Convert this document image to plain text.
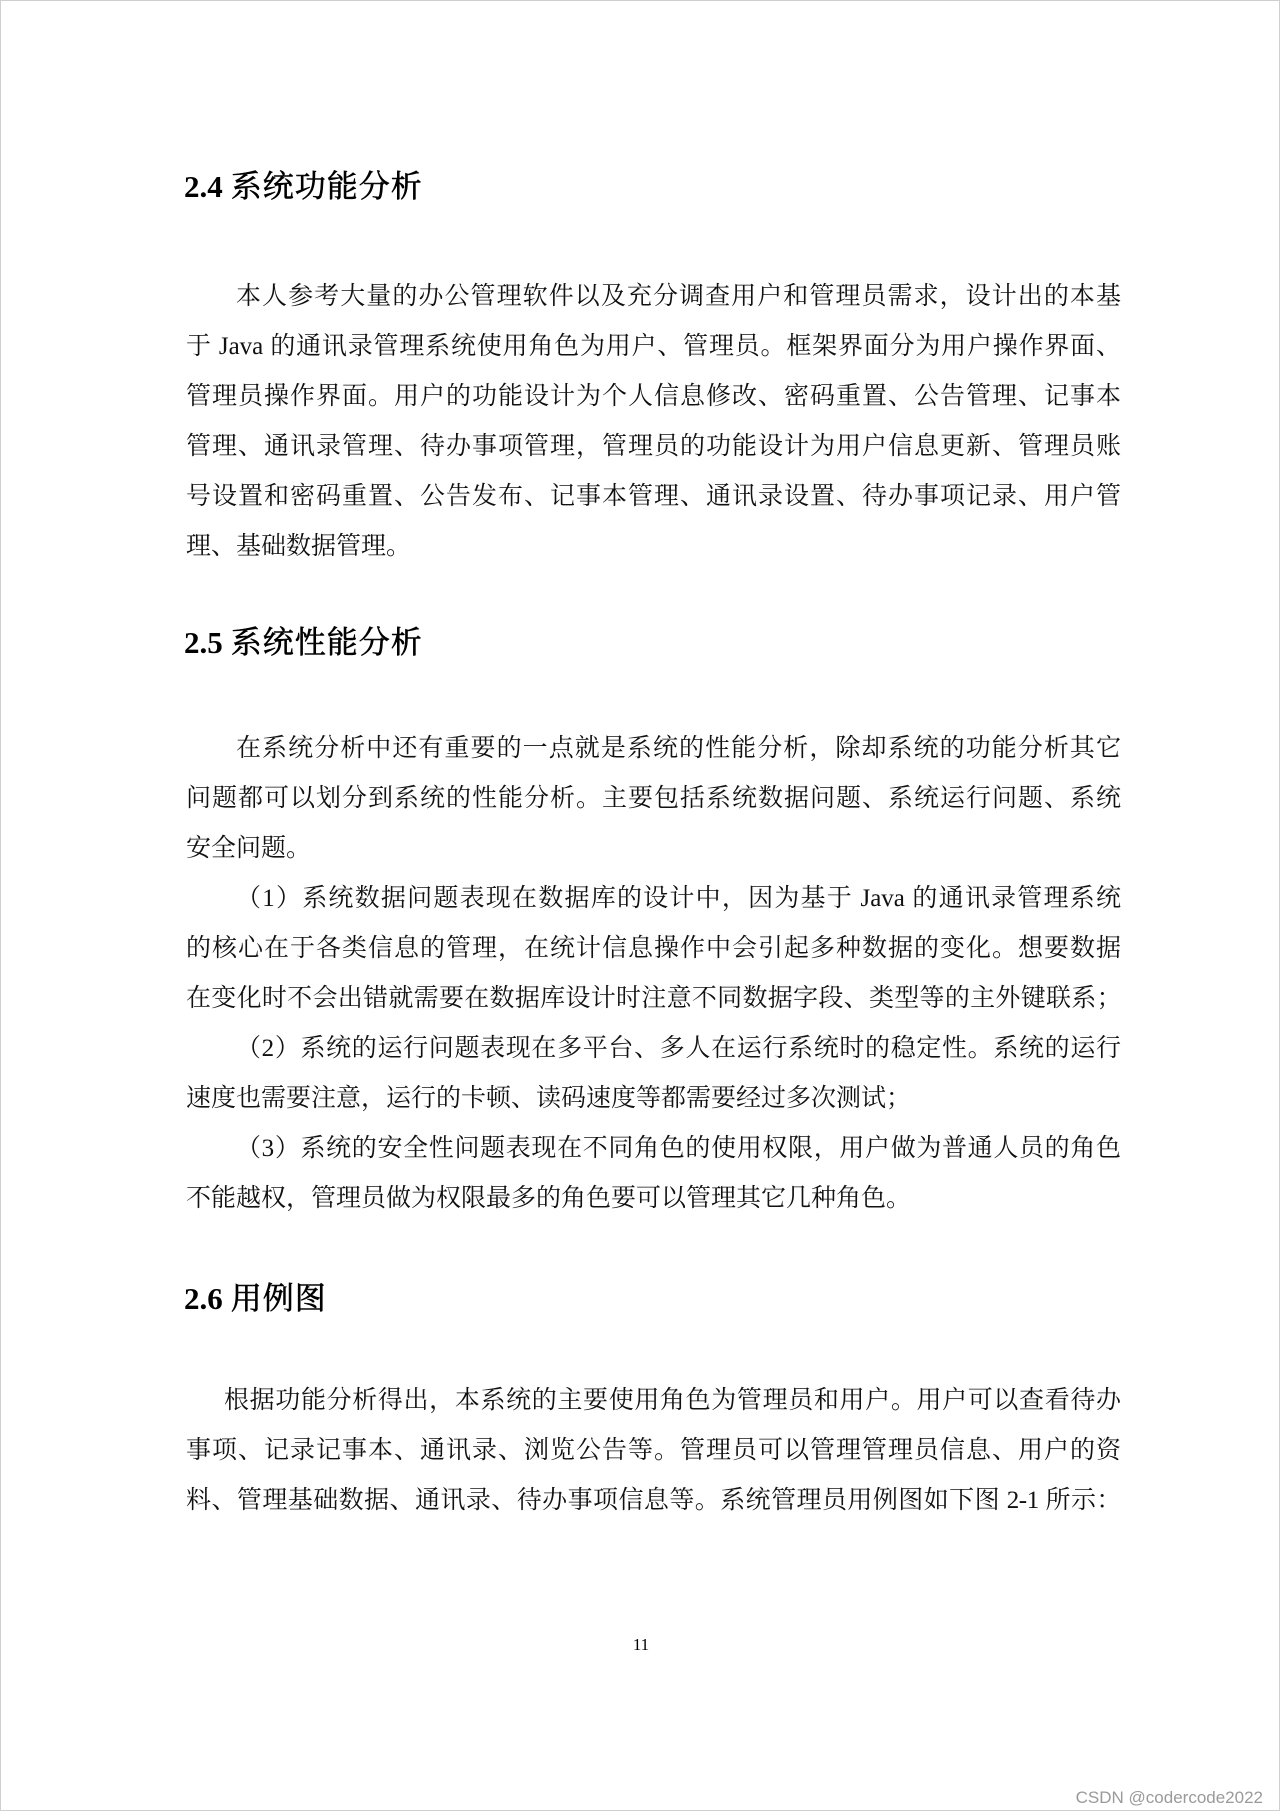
2.4 系统功能分析
本人参考大量的办公管理软件以及充分调查用户和管理员需求，设计出的本基
于 Java 的通讯录管理系统使用角色为用户、管理员。框架界面分为用户操作界面、
管理员操作界面。用户的功能设计为个人信息修改、密码重置、公告管理、记事本
管理、通讯录管理、待办事项管理，管理员的功能设计为用户信息更新、管理员账
号设置和密码重置、公告发布、记事本管理、通讯录设置、待办事项记录、用户管
理、基础数据管理。
2.5 系统性能分析
在系统分析中还有重要的一点就是系统的性能分析，除却系统的功能分析其它
问题都可以划分到系统的性能分析。主要包括系统数据问题、系统运行问题、系统
安全问题。
（1）系统数据问题表现在数据库的设计中，因为基于 Java 的通讯录管理系统
的核心在于各类信息的管理，在统计信息操作中会引起多种数据的变化。想要数据
在变化时不会出错就需要在数据库设计时注意不同数据字段、类型等的主外键联系；
（2）系统的运行问题表现在多平台、多人在运行系统时的稳定性。系统的运行
速度也需要注意，运行的卡顿、读码速度等都需要经过多次测试；
（3）系统的安全性问题表现在不同角色的使用权限，用户做为普通人员的角色
不能越权，管理员做为权限最多的角色要可以管理其它几种角色。
2.6 用例图
根据功能分析得出，本系统的主要使用角色为管理员和用户。用户可以查看待办
事项、记录记事本、通讯录、浏览公告等。管理员可以管理管理员信息、用户的资
料、管理基础数据、通讯录、待办事项信息等。系统管理员用例图如下图 2-1 所示：
11
CSDN @codercode2022
